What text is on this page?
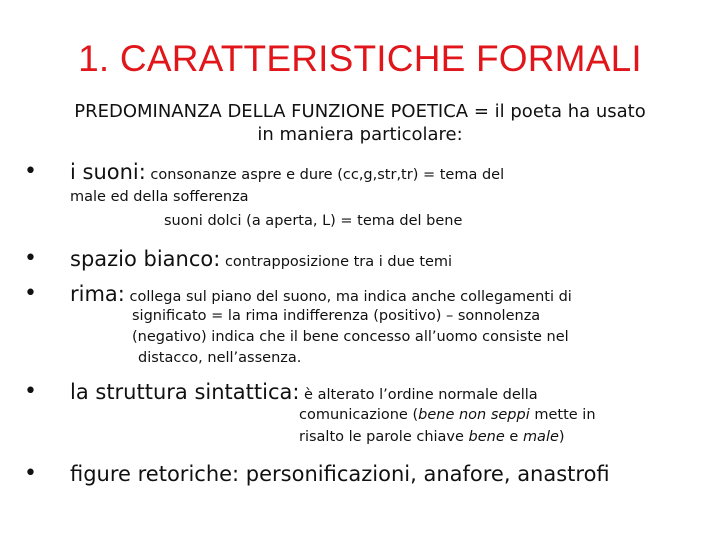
1. CARATTERISTICHE FORMALI
PREDOMINANZA DELLA FUNZIONE POETICA = il poeta ha usato
in maniera particolare:
• i suoni: consonanze aspre e dure (cc,g,str,tr) = tema del
male ed della sofferenza
suoni dolci (a aperta, L) = tema del bene
• spazio bianco: contrapposizione tra i due temi
• rima: collega sul piano del suono, ma indica anche collegamenti di
significato = la rima indifferenza (positivo) – sonnolenza
(negativo) indica che il bene concesso all’uomo consiste nel
distacco, nell’assenza.
• la struttura sintattica: è alterato l’ordine normale della
comunicazione (bene non seppi mette in
risalto le parole chiave bene e male)
• figure retoriche: personificazioni, anafore, anastrofi
